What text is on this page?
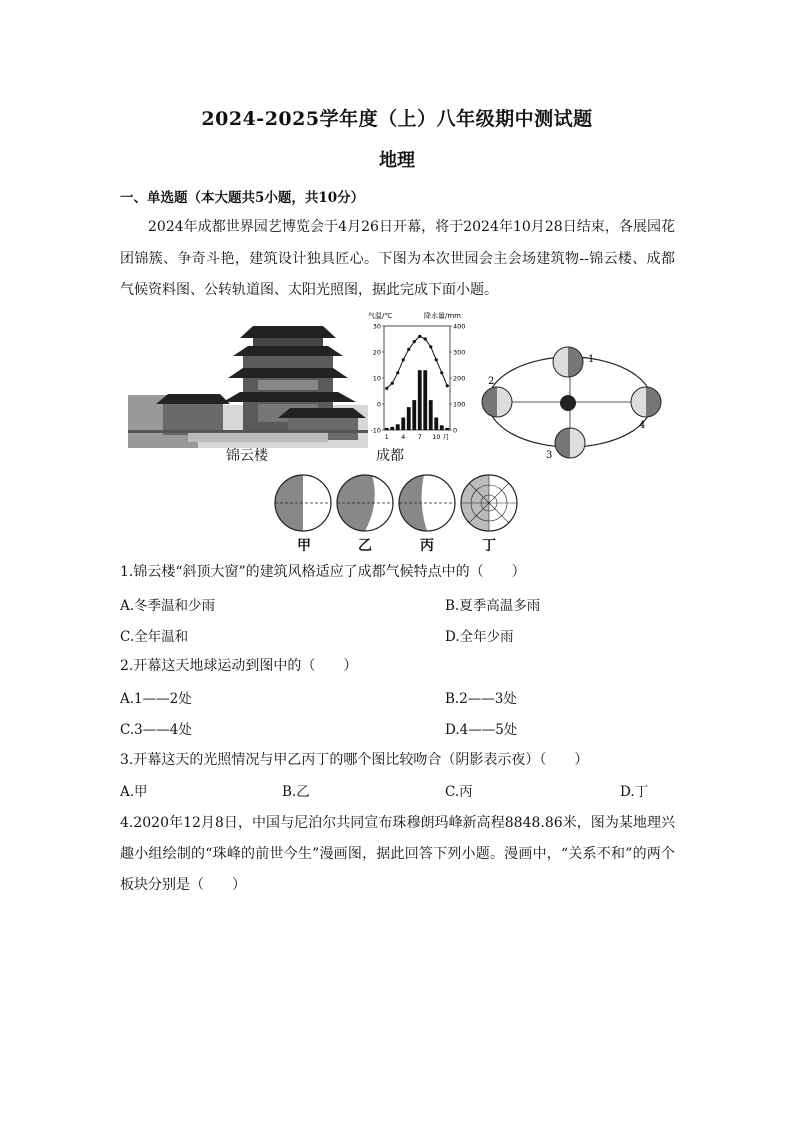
2024-2025学年度（上）八年级期中测试题
地理
一、单选题（本大题共5小题，共10分）
2024年成都世界园艺博览会于4月26日开幕，将于2024年10月28日结束，各展园花团锦簇、争奇斗艳，建筑设计独具匠心。下图为本次世园会主会场建筑物--锦云楼、成都气候资料图、公转轨道图、太阳光照图，据此完成下面小题。
锦云楼
气温/℃	降水量/mm
30
20
10
0
-10
400
300
200
100
0
1 4 7 10 月
成都
1
2
3
4
甲	乙	丙	丁
1.锦云楼“斜顶大窗”的建筑风格适应了成都气候特点中的（　　）
A.冬季温和少雨	B.夏季高温多雨
C.全年温和	D.全年少雨
2.开幕这天地球运动到图中的（　　）
A.1——2处	B.2——3处
C.3——4处	D.4——5处
3.开幕这天的光照情况与甲乙丙丁的哪个图比较吻合（阴影表示夜）（　　）
A.甲	B.乙	C.丙	D.丁
4.2020年12月8日，中国与尼泊尔共同宣布珠穆朗玛峰新高程8848.86米，图为某地理兴趣小组绘制的“珠峰的前世今生”漫画图，据此回答下列小题。漫画中，“关系不和”的两个板块分别是（　　）
